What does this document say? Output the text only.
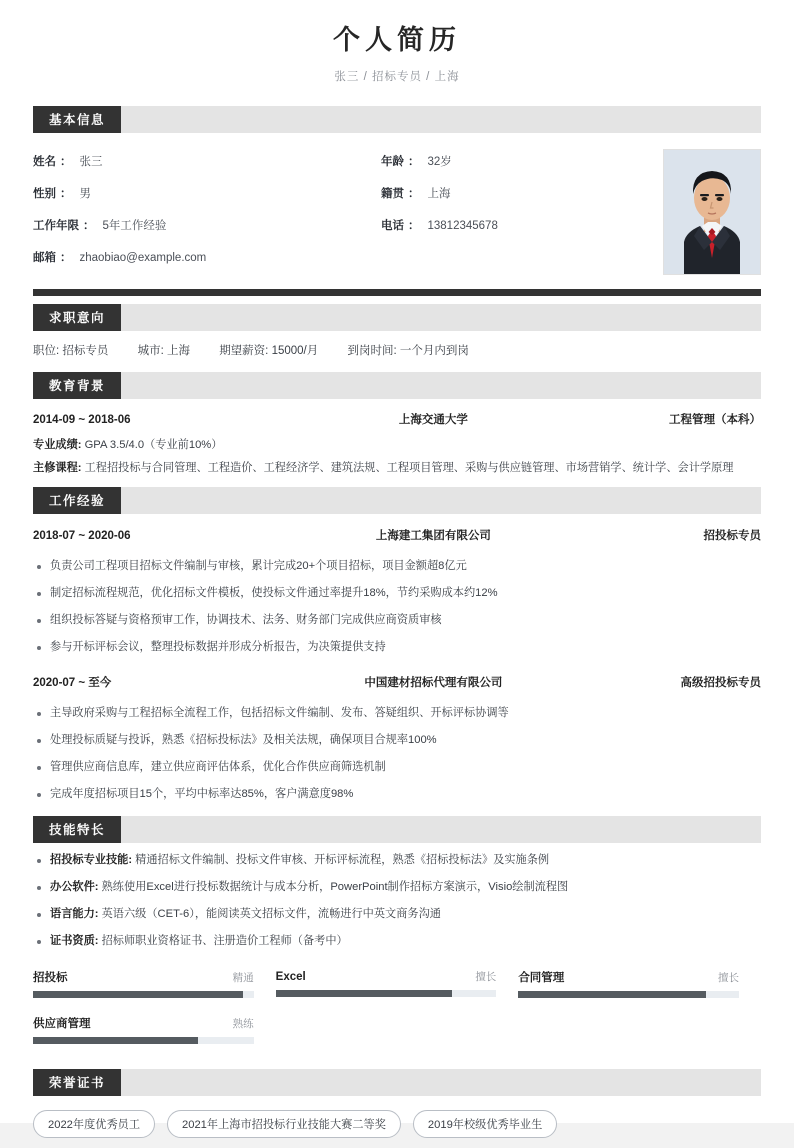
个人简历
张三 / 招标专员 / 上海
基本信息
姓名 ： 张三	年龄 ： 32岁
性别 ： 男	籍贯 ： 上海
工作年限 ： 5年工作经验	电话 ： 13812345678
邮箱 ： zhaobiao@example.com
求职意向
职位: 招标专员	城市: 上海	期望薪资: 15000/月	到岗时间: 一个月内到岗
教育背景
2014-09 ~ 2018-06	上海交通大学	工程管理（本科）
专业成绩: GPA 3.5/4.0（专业前10%）
主修课程: 工程招投标与合同管理、工程造价、工程经济学、建筑法规、工程项目管理、采购与供应链管理、市场营销学、统计学、会计学原理
工作经验
2018-07 ~ 2020-06	上海建工集团有限公司	招投标专员
负责公司工程项目招标文件编制与审核，累计完成20+个项目招标，项目金额超8亿元
制定招标流程规范，优化招标文件模板，使投标文件通过率提升18%，节约采购成本约12%
组织投标答疑与资格预审工作，协调技术、法务、财务部门完成供应商资质审核
参与开标评标会议，整理投标数据并形成分析报告，为决策提供支持
2020-07 ~ 至今	中国建材招标代理有限公司	高级招投标专员
主导政府采购与工程招标全流程工作，包括招标文件编制、发布、答疑组织、开标评标协调等
处理投标质疑与投诉，熟悉《招标投标法》及相关法规，确保项目合规率100%
管理供应商信息库，建立供应商评估体系，优化合作供应商筛选机制
完成年度招标项目15个，平均中标率达85%，客户满意度98%
技能特长
招投标专业技能: 精通招标文件编制、投标文件审核、开标评标流程，熟悉《招标投标法》及实施条例
办公软件: 熟练使用Excel进行投标数据统计与成本分析，PowerPoint制作招标方案演示，Visio绘制流程图
语言能力: 英语六级（CET-6），能阅读英文招标文件，流畅进行中英文商务沟通
证书资质: 招标师职业资格证书、注册造价工程师（备考中）
招投标	精通 Excel	擅长 合同管理	擅长
供应商管理	熟练
荣誉证书
2022年度优秀员工	2021年上海市招投标行业技能大赛二等奖	2019年校级优秀毕业生
